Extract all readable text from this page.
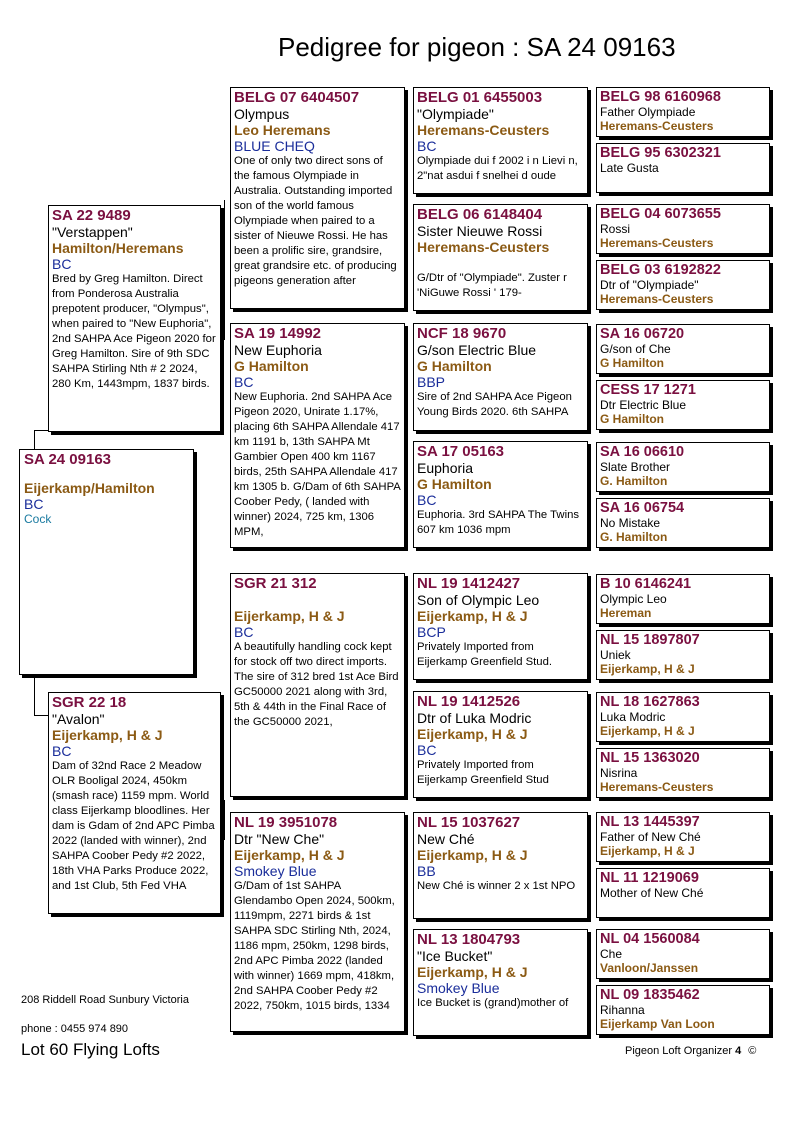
Pedigree for pigeon : SA 24 09163
SA 24 09163
Eijerkamp/Hamilton
BC
Cock
SA 22 9489
"Verstappen"
Hamilton/Heremans
BC
Bred by Greg Hamilton. Direct from Ponderosa Australia prepotent producer, "Olympus", when paired to "New Euphoria", 2nd SAHPA Ace Pigeon 2020 for Greg Hamilton. Sire of 9th SDC SAHPA Stirling Nth # 2 2024, 280 Km, 1443mpm, 1837 birds.
SGR 22 18
"Avalon"
Eijerkamp, H & J
BC
Dam of 32nd Race 2 Meadow OLR Booligal 2024, 450km (smash race) 1159 mpm. World class Eijerkamp bloodlines. Her dam is Gdam of 2nd APC Pimba 2022 (landed with winner), 2nd SAHPA Coober Pedy #2 2022, 18th VHA Parks Produce 2022, and 1st Club, 5th Fed VHA
BELG 07 6404507
Olympus
Leo Heremans
BLUE CHEQ
One of only two direct sons of the famous Olympiade in Australia. Outstanding imported son of the world famous Olympiade when paired to a sister of Nieuwe Rossi. He has been a prolific sire, grandsire, great grandsire etc. of producing pigeons generation after
SA 19 14992
New Euphoria
G Hamilton
BC
New Euphoria. 2nd SAHPA Ace Pigeon 2020, Unirate 1.17%, placing 6th SAHPA Allendale 417 km 1191 b, 13th SAHPA Mt Gambier Open 400 km 1167 birds, 25th SAHPA Allendale 417 km 1305 b. G/Dam of 6th SAHPA Coober Pedy, ( landed with winner) 2024, 725 km, 1306 MPM,
SGR 21 312
Eijerkamp, H & J
BC
A beautifully handling cock kept for stock off two direct imports. The sire of 312 bred 1st Ace Bird GC50000 2021 along with 3rd, 5th & 44th in the Final Race of the GC50000 2021,
NL 19 3951078
Dtr "New Che"
Eijerkamp, H & J
Smokey Blue
G/Dam of 1st SAHPA Glendambo Open 2024, 500km, 1119mpm, 2271 birds & 1st SAHPA SDC Stirling Nth, 2024, 1186 mpm, 250km, 1298 birds, 2nd APC Pimba 2022 (landed with winner) 1669 mpm, 418km, 2nd SAHPA Coober Pedy #2 2022, 750km, 1015 birds, 1334
BELG 01 6455003
"Olympiade"
Heremans-Ceusters
BC
Olympiade dui f 2002 i n Lievi n, 2"nat asdui f snelhei d oude
BELG 06 6148404
Sister Nieuwe Rossi
Heremans-Ceusters
G/Dtr of "Olympiade". Zuster r 'NiGuwe Rossi ' 179-
NCF 18 9670
G/son Electric Blue
G Hamilton
BBP
Sire of 2nd SAHPA Ace Pigeon Young Birds 2020. 6th SAHPA
SA 17 05163
Euphoria
G Hamilton
BC
Euphoria. 3rd SAHPA The Twins 607 km 1036 mpm
NL 19 1412427
Son of Olympic Leo
Eijerkamp, H & J
BCP
Privately Imported from Eijerkamp Greenfield Stud.
NL 19 1412526
Dtr of Luka Modric
Eijerkamp, H & J
BC
Privately Imported from Eijerkamp Greenfield Stud
NL 15 1037627
New Ché
Eijerkamp, H & J
BB
New Ché is winner 2 x 1st NPO
NL 13 1804793
"Ice Bucket"
Eijerkamp, H & J
Smokey Blue
Ice Bucket is (grand)mother of
BELG 98 6160968
Father Olympiade
Heremans-Ceusters
BELG 95 6302321
Late Gusta
BELG 04 6073655
Rossi
Heremans-Ceusters
BELG 03 6192822
Dtr of "Olympiade"
Heremans-Ceusters
SA 16 06720
G/son of Che
G Hamilton
CESS 17 1271
Dtr Electric Blue
G Hamilton
SA 16 06610
Slate Brother
G. Hamilton
SA 16 06754
No Mistake
G. Hamilton
B 10 6146241
Olympic Leo
Hereman
NL 15 1897807
Uniek
Eijerkamp, H & J
NL 18 1627863
Luka Modric
Eijerkamp, H & J
NL 15 1363020
Nisrina
Heremans-Ceusters
NL 13 1445397
Father of New Ché
Eijerkamp, H & J
NL 11 1219069
Mother of New Ché
NL 04 1560084
Che
Vanloon/Janssen
NL 09 1835462
Rihanna
Eijerkamp Van Loon
208 Riddell Road Sunbury Victoria
phone : 0455 974 890
Lot 60 Flying Lofts	Pigeon Loft Organizer 4 ©
